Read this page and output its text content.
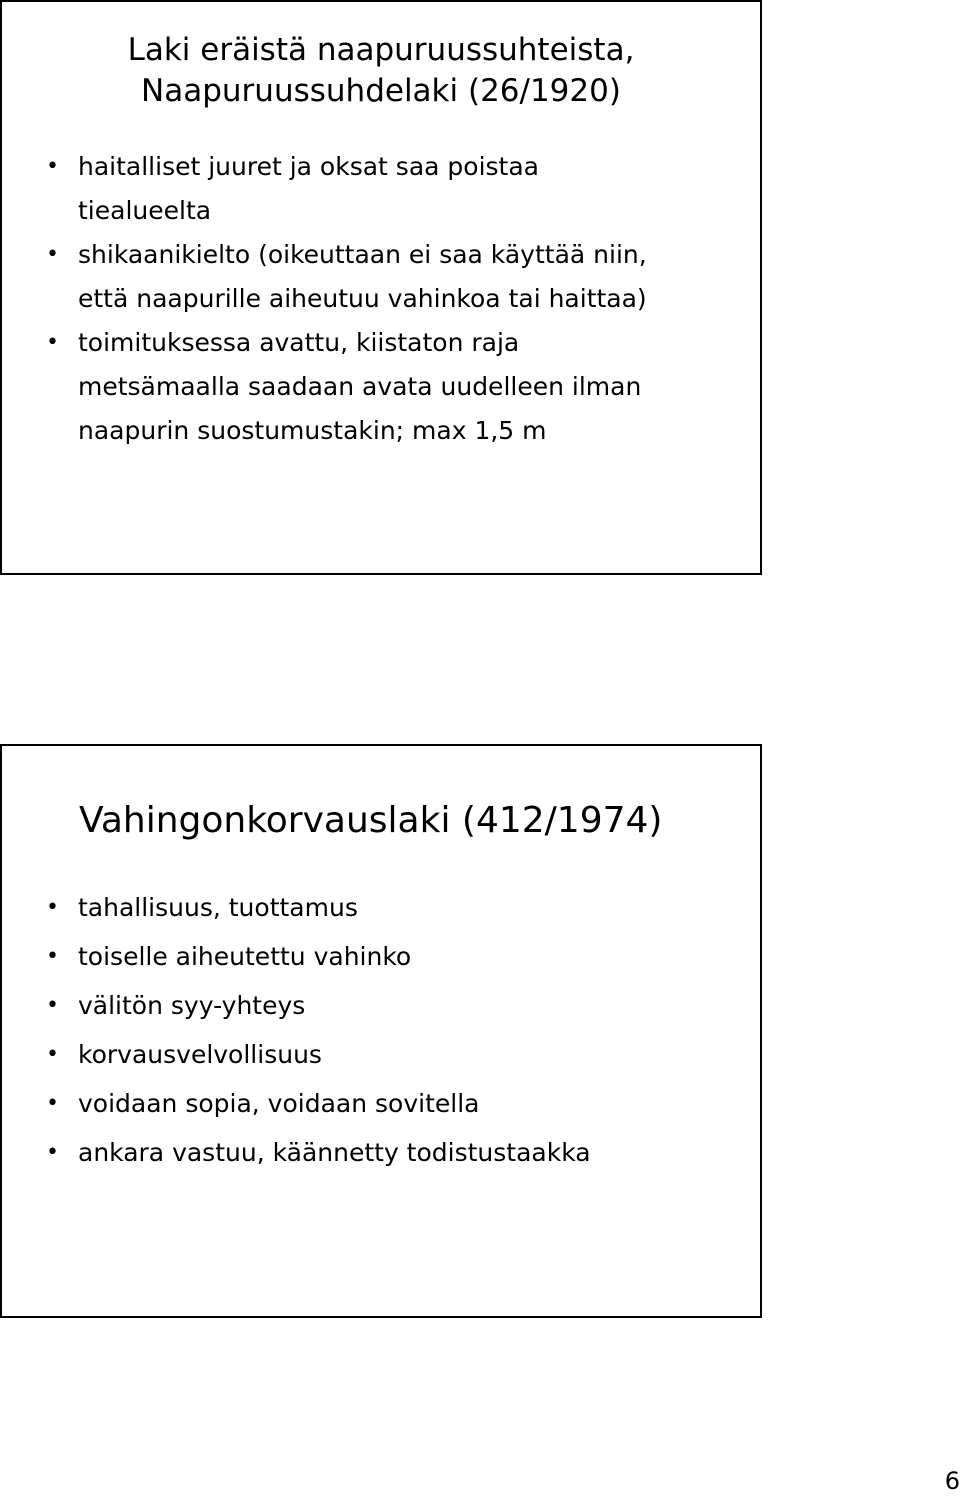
Laki eräistä naapuruussuhteista,
Naapuruussuhdelaki (26/1920)
• haitalliset juuret ja oksat saa poistaa
tiealueelta
• shikaanikielto (oikeuttaan ei saa käyttää niin,
että naapurille aiheutuu vahinkoa tai haittaa)
• toimituksessa avattu, kiistaton raja
metsämaalla saadaan avata uudelleen ilman
naapurin suostumustakin; max 1,5 m
Vahingonkorvauslaki (412/1974)
• tahallisuus, tuottamus
• toiselle aiheutettu vahinko
• välitön syy-yhteys
• korvausvelvollisuus
• voidaan sopia, voidaan sovitella
• ankara vastuu, käännetty todistustaakka
6
